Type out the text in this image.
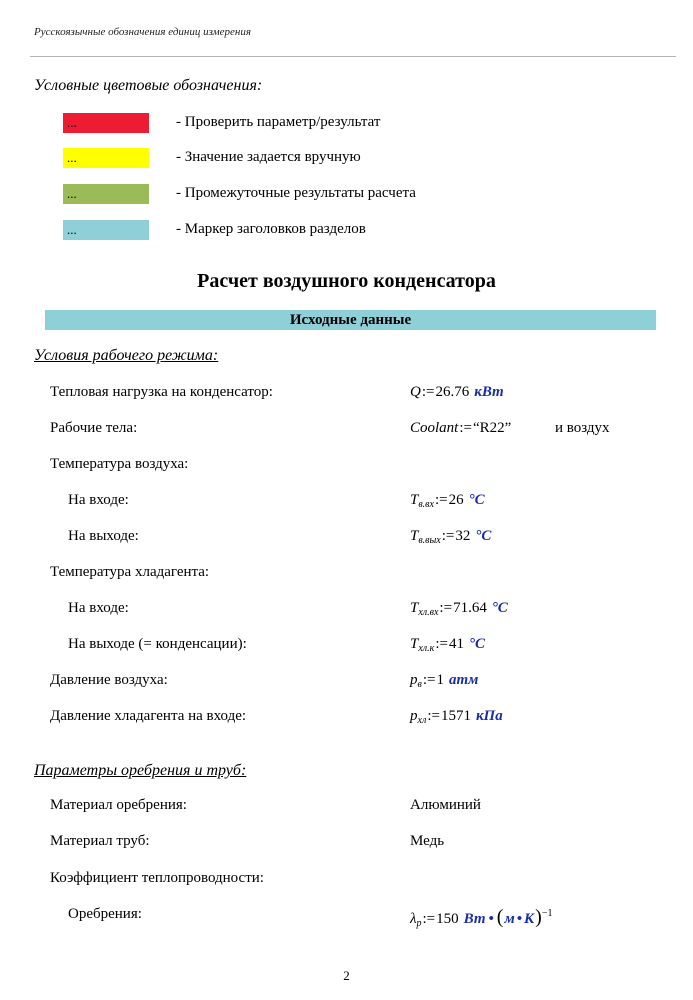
Русскоязычные обозначения единиц измерения
Условные цветовые обозначения:
...	- Проверить параметр/результат
...	- Значение задается вручную
...	- Промежуточные результаты расчета
...	- Маркер заголовков разделов
Расчет воздушного конденсатора
Исходные данные
Условия рабочего режима:
Тепловая нагрузка на конденсатор:	Q:=26.76 кВт
Рабочие тела:	Coolant:=“R22”	и воздух
Температура воздуха:
На входе:	$T_{в.вх}:=26$ °C
На выходе:	$T_{в.вых}:=32$ °C
Температура хладагента:
На входе:	$T_{хл.вх}:=71.64$ °C
На выходе (= конденсации):	$T_{хл.к}:=41$ °C
Давление воздуха:	$p_в:=1$ атм
Давление хладагента на входе:	$p_{хл}:=1571$ кПа
Параметры оребрения и труб:
Материал оребрения:	Алюминий
Материал труб:	Медь
Коэффициент теплопроводности:
Оребрения:	$\lambda_р:=150$ Вт • (м • К)$^{-1}$
2
